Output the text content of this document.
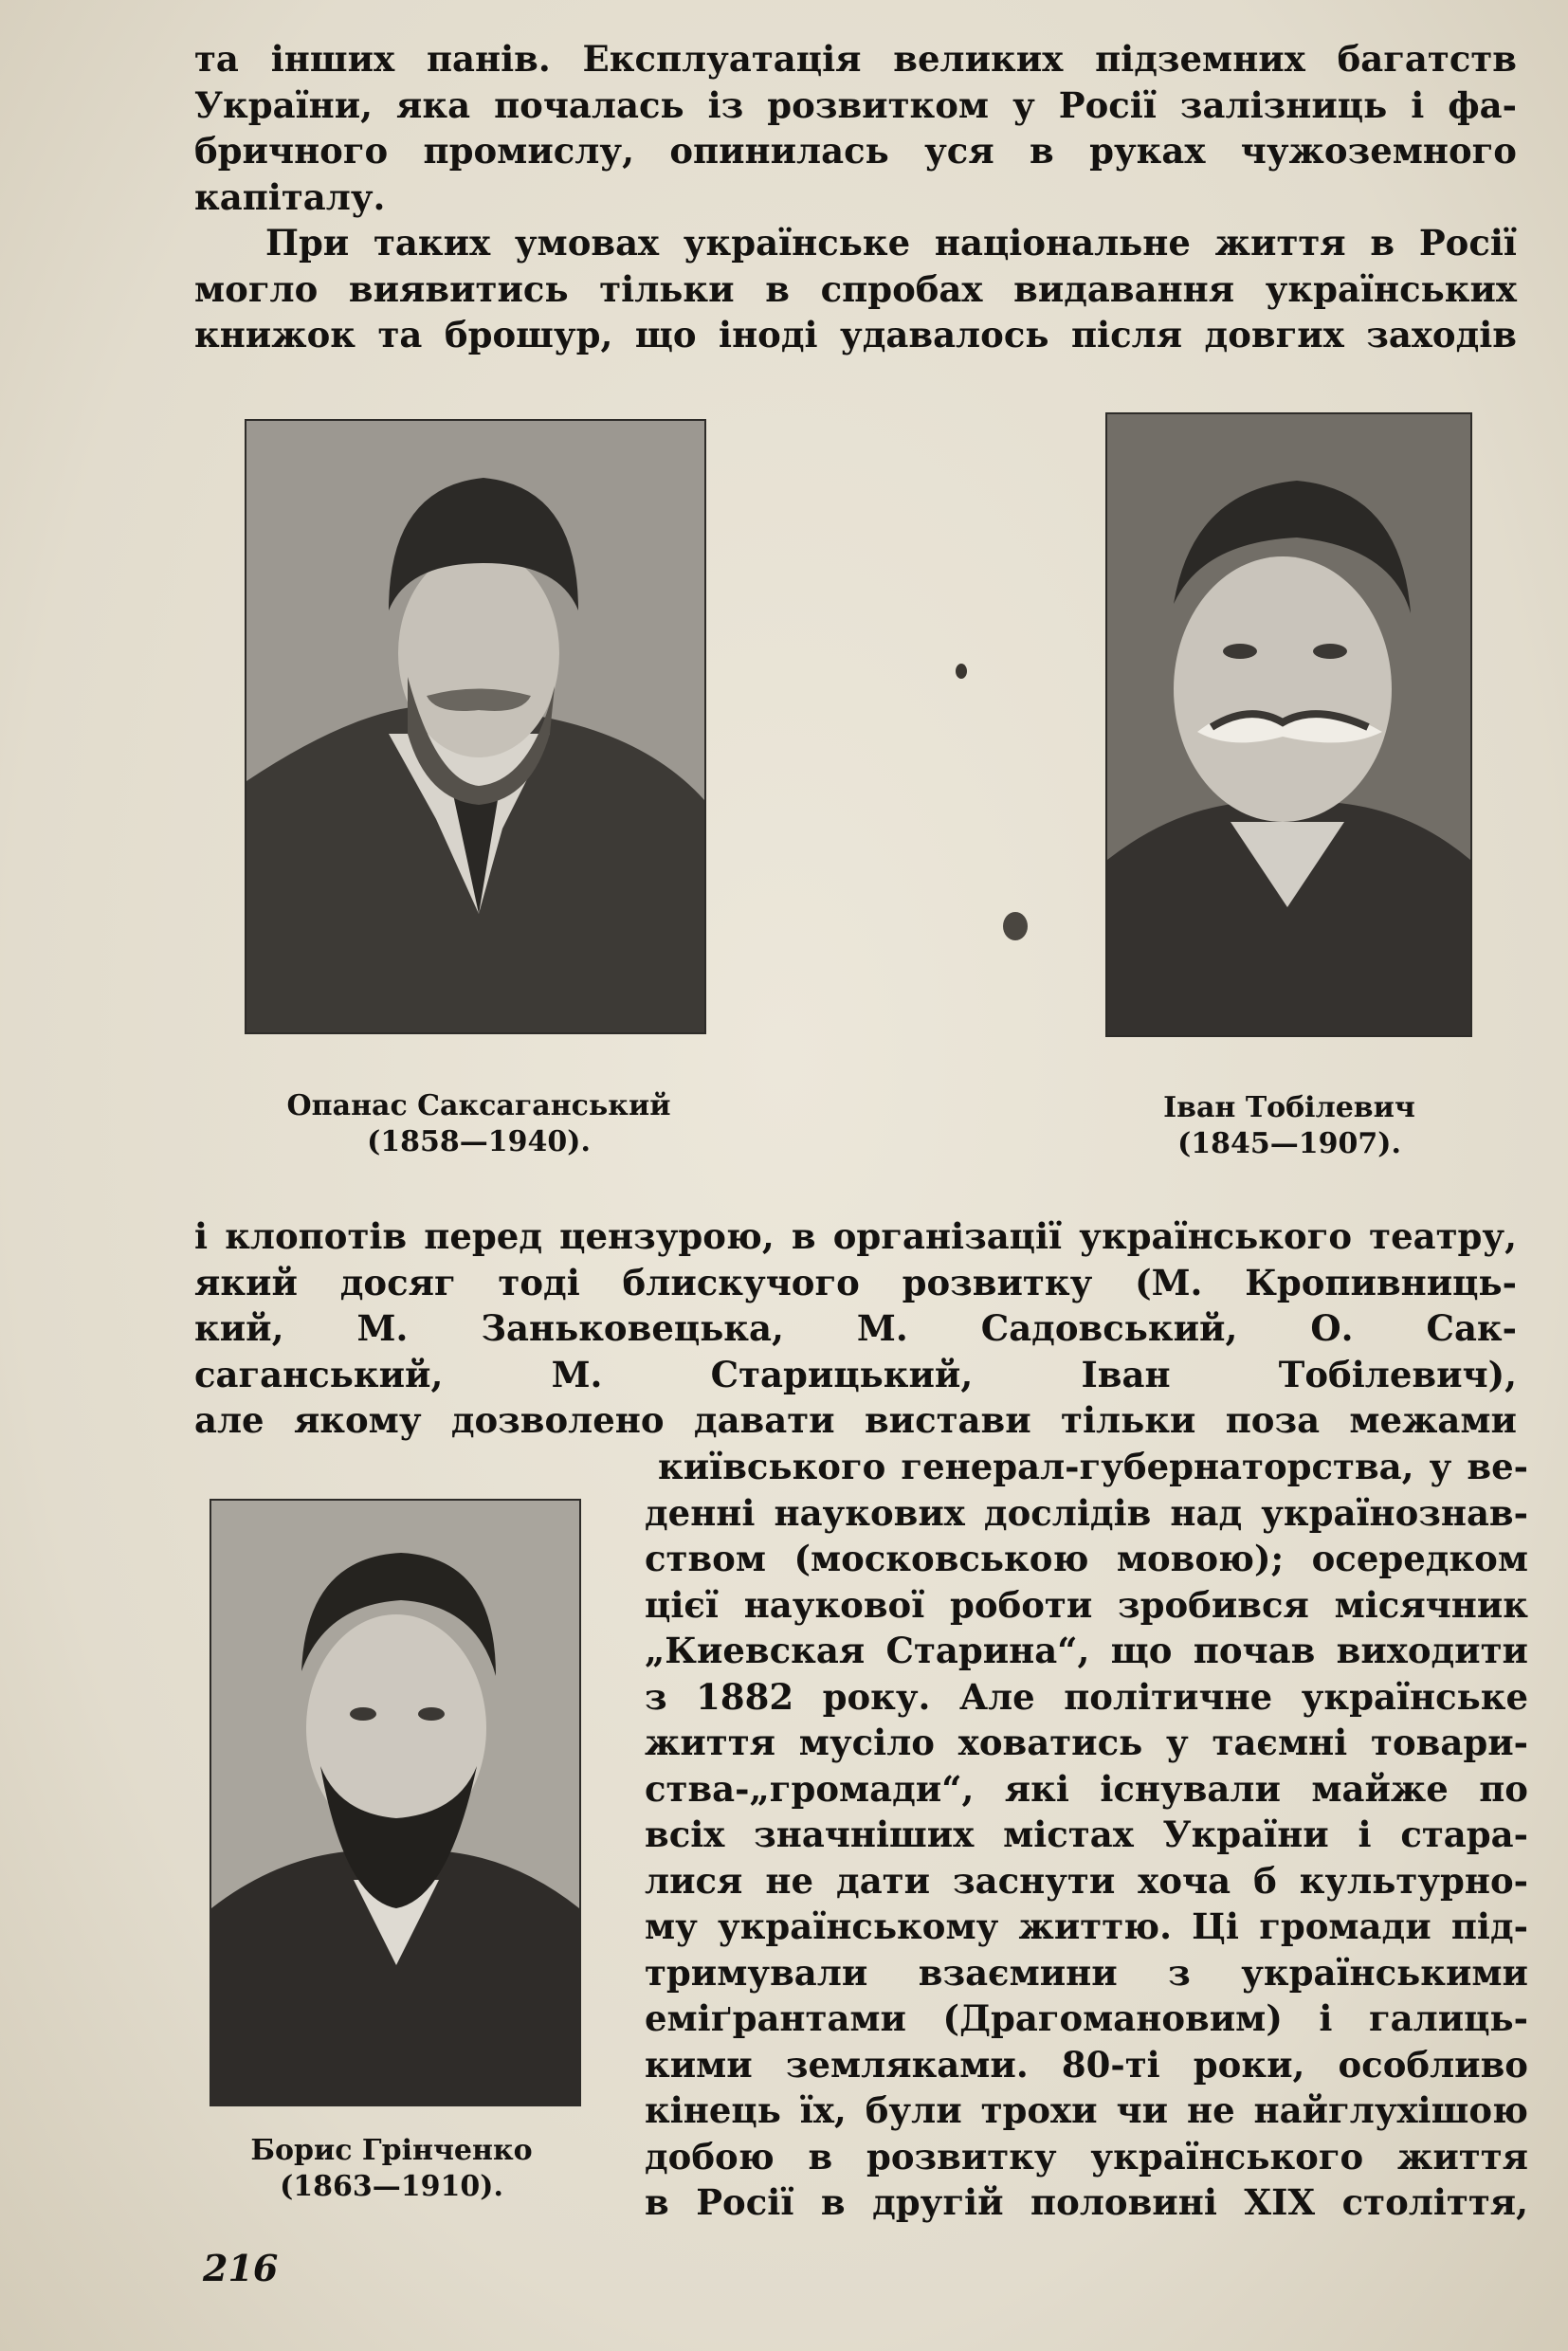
та інших панів. Експлуатація великих підземних багатств
України, яка почалась із розвитком у Росії залізниць і фа-
бричного промислу, опинилась уся в руках чужоземного
капіталу.

При таких умовах українське національне життя в Росії
могло виявитись тільки в спробах видавання українських
книжок та брошур, що іноді удавалось після довгих заходів

Опанас Саксаганський
(1858—1940).
Іван Тобілевич
(1845—1907).

і клопотів перед цензурою, в організації українського театру,
який досяг тоді блискучого розвитку (М. Кропивниць-
кий, М. Заньковецька, М. Садовський, О. Сак-
саганський, М. Старицький, Іван Тобілевич),
але якому дозволено давати вистави тільки поза межами

Борис Грінченко
(1863—1910).

київського генерал-губернаторства, у ве-
денні наукових дослідів над українознав-
ством (московською мовою); осередком
цієї наукової роботи зробився місячник
„Киевская Старина“, що почав виходити
з 1882 року. Але політичне українське
життя мусіло ховатись у таємні товари-
ства-„громади“, які існували майже по
всіх значніших містах України і стара-
лися не дати заснути хоча б культурно-
му українському життю. Ці громади під-
тримували взаємини з українськими
еміґрантами (Драгомановим) і галиць-
кими земляками. 80-ті роки, особливо
кінець їх, були трохи чи не найглухішою
добою в розвитку українського життя
в Росії в другій половині XIX століття,

216
